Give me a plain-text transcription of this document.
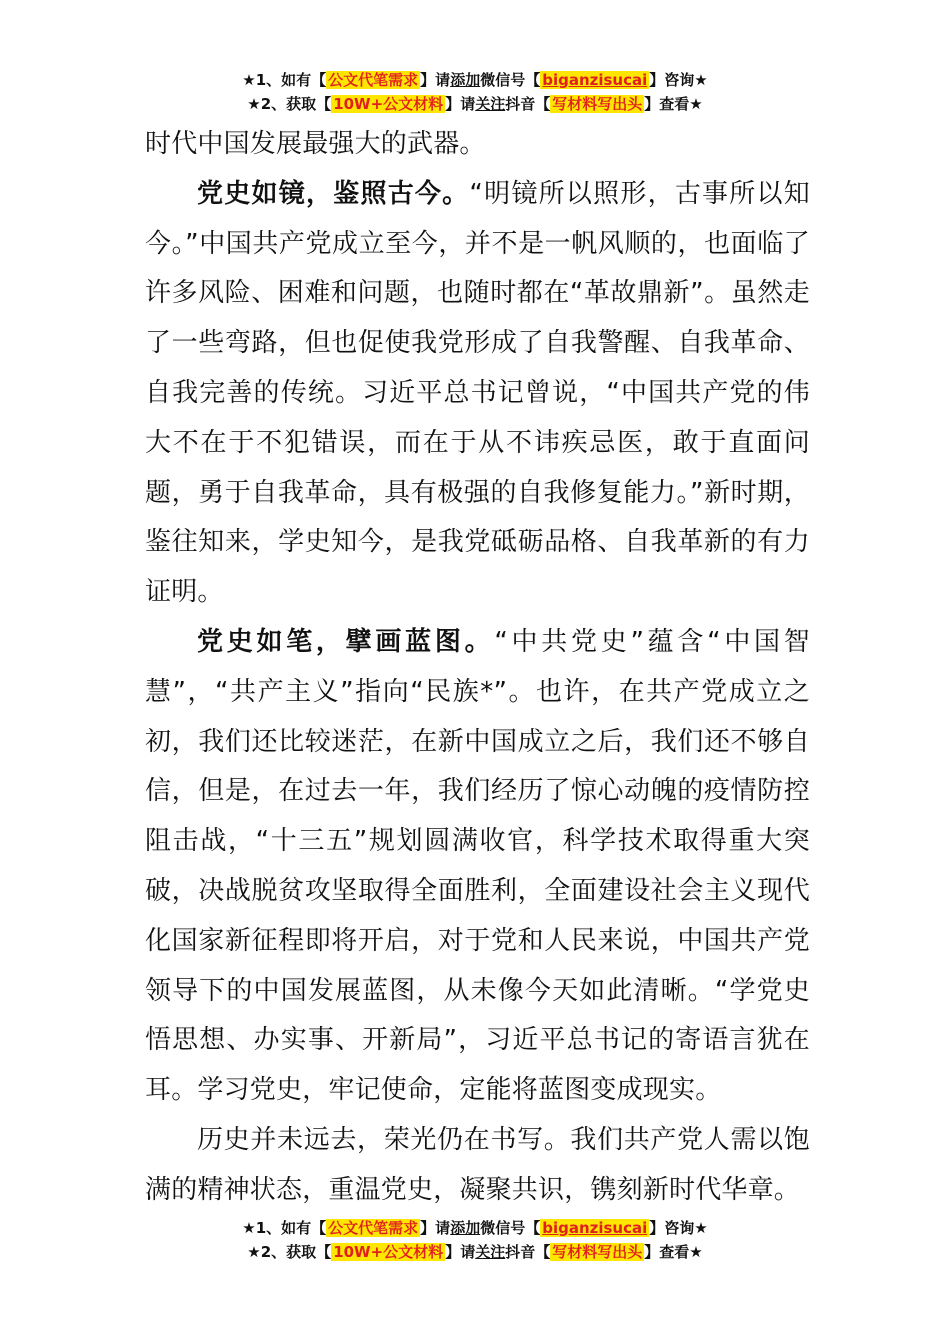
★1、如有【 公文代笔需求 】请添加微信号【 biganzisucai 】咨询★
★2、获取【 10W+公文材料 】请关注抖音【 写材料写出头 】查看★

时代中国发展最强大的武器。

党史如镜，鉴照古今。“明镜所以照形，古事所以知今。”中国共产党成立至今，并不是一帆风顺的，也面临了许多风险、困难和问题，也随时都在“革故鼎新”。虽然走了一些弯路，但也促使我党形成了自我警醒、自我革命、自我完善的传统。习近平总书记曾说，“中国共产党的伟大不在于不犯错误，而在于从不讳疾忌医，敢于直面问题，勇于自我革命，具有极强的自我修复能力。”新时期，鉴往知来，学史知今，是我党砥砺品格、自我革新的有力证明。

党史如笔，擘画蓝图。“中共党史”蕴含“中国智慧”，“共产主义”指向“民族*”。也许，在共产党成立之初，我们还比较迷茫，在新中国成立之后，我们还不够自信，但是，在过去一年，我们经历了惊心动魄的疫情防控阻击战，“十三五”规划圆满收官，科学技术取得重大突破，决战脱贫攻坚取得全面胜利，全面建设社会主义现代化国家新征程即将开启，对于党和人民来说，中国共产党领导下的中国发展蓝图，从未像今天如此清晰。“学党史悟思想、办实事、开新局”，习近平总书记的寄语言犹在耳。学习党史，牢记使命，定能将蓝图变成现实。

历史并未远去，荣光仍在书写。我们共产党人需以饱满的精神状态，重温党史，凝聚共识，镌刻新时代华章。

★1、如有【 公文代笔需求 】请添加微信号【 biganzisucai 】咨询★
★2、获取【 10W+公文材料 】请关注抖音【 写材料写出头 】查看★
